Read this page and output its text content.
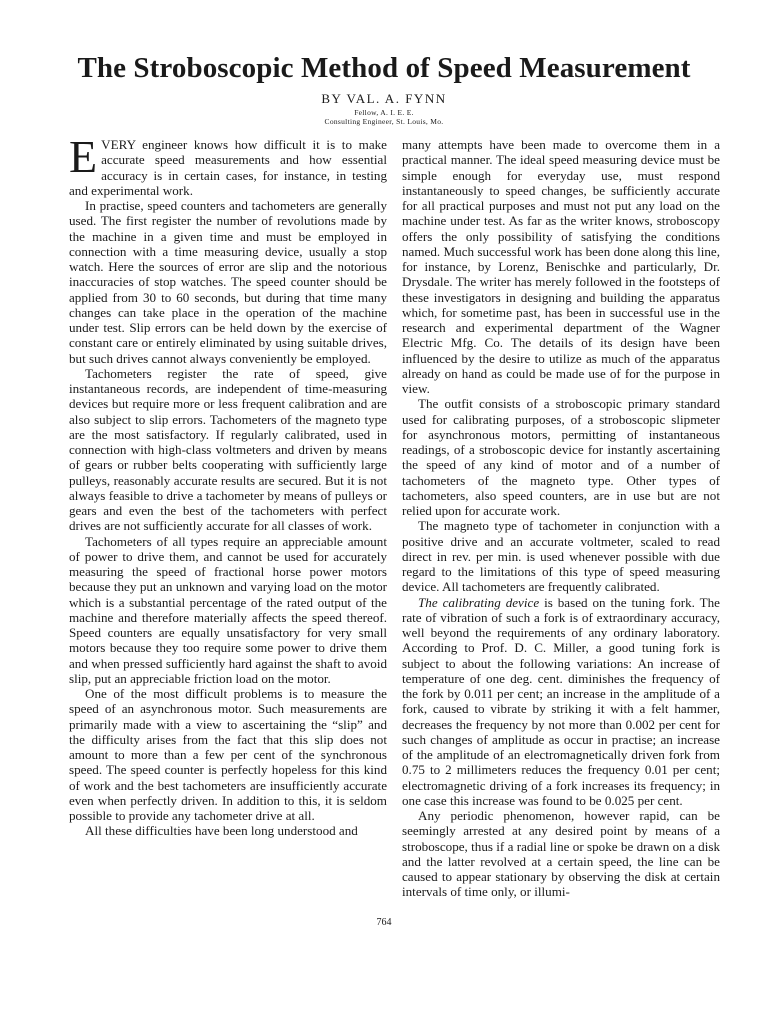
The Stroboscopic Method of Speed Measurement
BY VAL. A. FYNN
Fellow, A. I. E. E.
Consulting Engineer, St. Louis, Mo.

EVERY engineer knows how difficult it is to make accurate speed measurements and how essential accuracy is in certain cases, for instance, in testing and experimental work.

In practise, speed counters and tachometers are generally used. The first register the number of revolutions made by the machine in a given time and must be employed in connection with a time measuring device, usually a stop watch. Here the sources of error are slip and the notorious inaccuracies of stop watches. The speed counter should be applied from 30 to 60 seconds, but during that time many changes can take place in the operation of the machine under test. Slip errors can be held down by the exercise of constant care or entirely eliminated by using suitable drives, but such drives cannot always conveniently be employed.

Tachometers register the rate of speed, give instantaneous records, are independent of time-measuring devices but require more or less frequent calibration and are also subject to slip errors. Tachometers of the magneto type are the most satisfactory. If regularly calibrated, used in connection with high-class voltmeters and driven by means of gears or rubber belts cooperating with sufficiently large pulleys, reasonably accurate results are secured. But it is not always feasible to drive a tachometer by means of pulleys or gears and even the best of the tachometers with perfect drives are not sufficiently accurate for all classes of work.

Tachometers of all types require an appreciable amount of power to drive them, and cannot be used for accurately measuring the speed of fractional horse power motors because they put an unknown and varying load on the motor which is a substantial percentage of the rated output of the machine and therefore materially affects the speed thereof. Speed counters are equally unsatisfactory for very small motors because they too require some power to drive them and when pressed sufficiently hard against the shaft to avoid slip, put an appreciable friction load on the motor.

One of the most difficult problems is to measure the speed of an asynchronous motor. Such measurements are primarily made with a view to ascertaining the “slip” and the difficulty arises from the fact that this slip does not amount to more than a few per cent of the synchronous speed. The speed counter is perfectly hopeless for this kind of work and the best tachometers are insufficiently accurate even when perfectly driven. In addition to this, it is seldom possible to provide any tachometer drive at all.

All these difficulties have been long understood and

many attempts have been made to overcome them in a practical manner. The ideal speed measuring device must be simple enough for everyday use, must respond instantaneously to speed changes, be sufficiently accurate for all practical purposes and must not put any load on the machine under test. As far as the writer knows, stroboscopy offers the only possibility of satisfying the conditions named. Much successful work has been done along this line, for instance, by Lorenz, Benischke and particularly, Dr. Drysdale. The writer has merely followed in the footsteps of these investigators in designing and building the apparatus which, for sometime past, has been in successful use in the research and experimental department of the Wagner Electric Mfg. Co. The details of its design have been influenced by the desire to utilize as much of the apparatus already on hand as could be made use of for the purpose in view.

The outfit consists of a stroboscopic primary standard used for calibrating purposes, of a stroboscopic slipmeter for asynchronous motors, permitting of instantaneous readings, of a stroboscopic device for instantly ascertaining the speed of any kind of motor and of a number of tachometers of the magneto type. Other types of tachometers, also speed counters, are in use but are not relied upon for accurate work.

The magneto type of tachometer in conjunction with a positive drive and an accurate voltmeter, scaled to read direct in rev. per min. is used whenever possible with due regard to the limitations of this type of speed measuring device. All tachometers are frequently calibrated.

The calibrating device is based on the tuning fork. The rate of vibration of such a fork is of extraordinary accuracy, well beyond the requirements of any ordinary laboratory. According to Prof. D. C. Miller, a good tuning fork is subject to about the following variations: An increase of temperature of one deg. cent. diminishes the frequency of the fork by 0.011 per cent; an increase in the amplitude of a fork, caused to vibrate by striking it with a felt hammer, decreases the frequency by not more than 0.002 per cent for such changes of amplitude as occur in practise; an increase of the amplitude of an electromagnetically driven fork from 0.75 to 2 millimeters reduces the frequency 0.01 per cent; electromagnetic driving of a fork increases its frequency; in one case this increase was found to be 0.025 per cent.

Any periodic phenomenon, however rapid, can be seemingly arrested at any desired point by means of a stroboscope, thus if a radial line or spoke be drawn on a disk and the latter revolved at a certain speed, the line can be caused to appear stationary by observing the disk at certain intervals of time only, or illumi-

764
